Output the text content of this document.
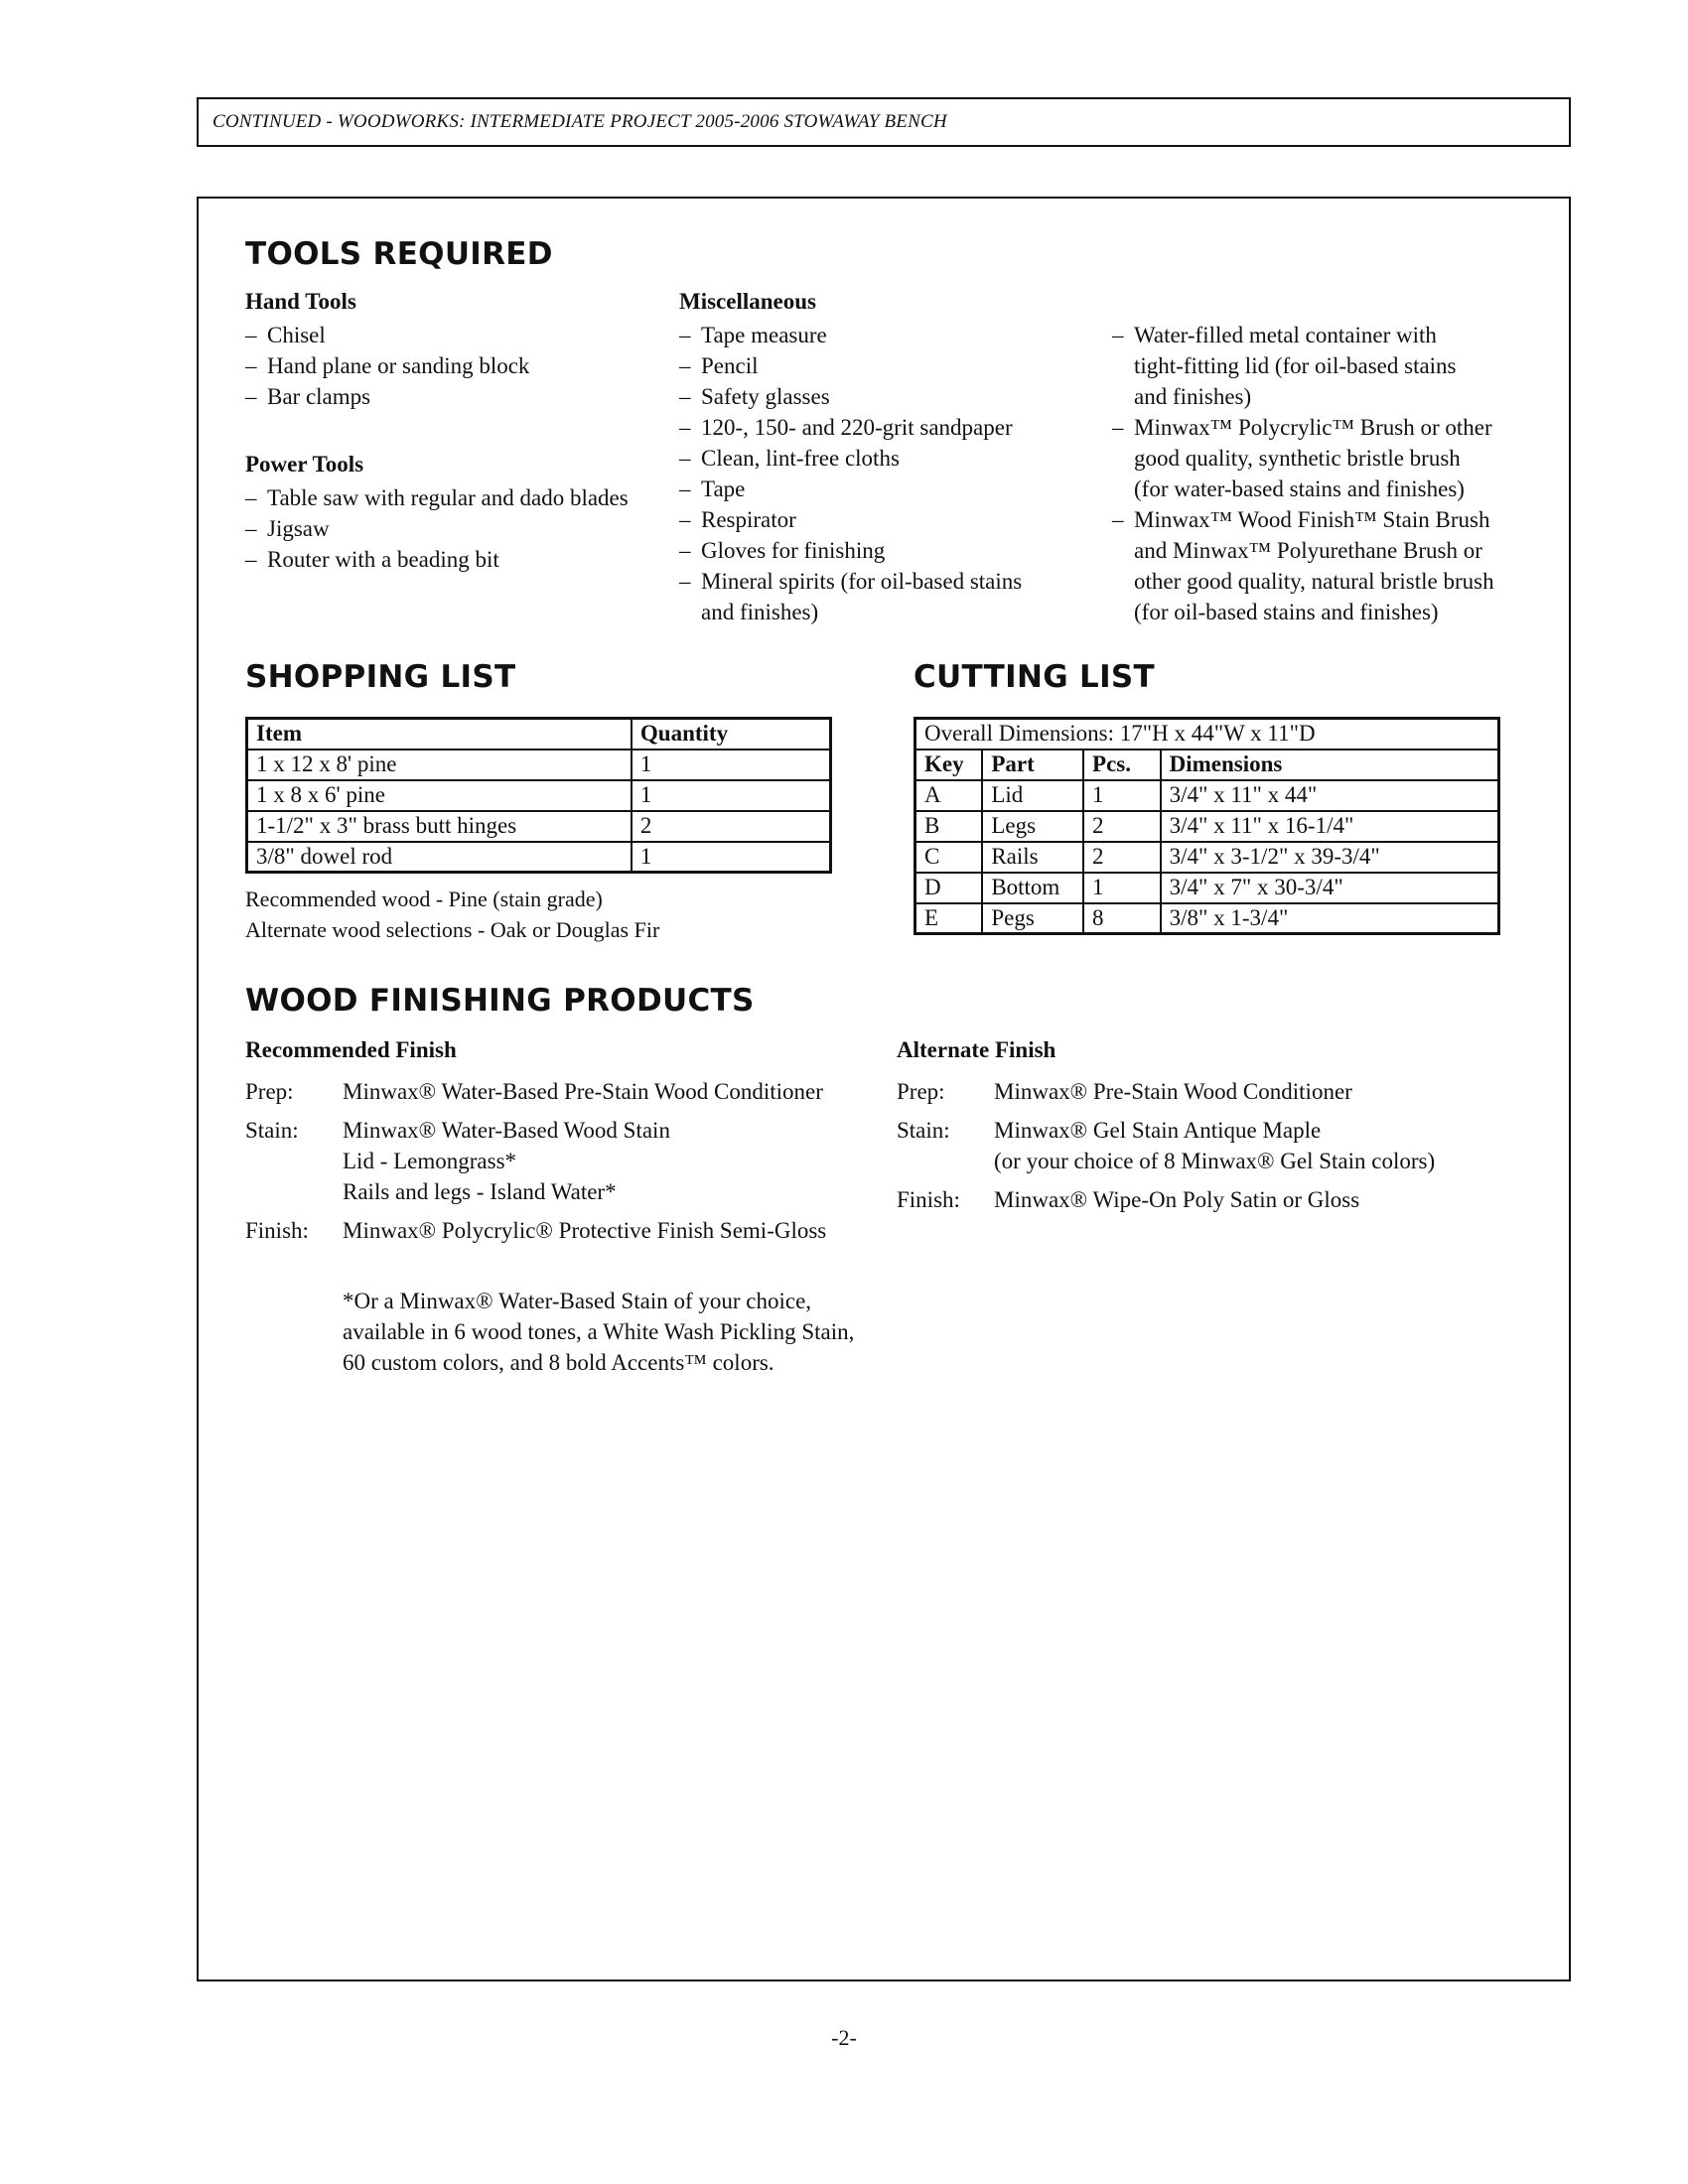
CONTINUED - WOODWORKS: INTERMEDIATE PROJECT 2005-2006 STOWAWAY BENCH
TOOLS REQUIRED
Hand Tools
– Chisel
– Hand plane or sanding block
– Bar clamps
Power Tools
– Table saw with regular and dado blades
– Jigsaw
– Router with a beading bit
Miscellaneous
– Tape measure
– Pencil
– Safety glasses
– 120-, 150- and 220-grit sandpaper
– Clean, lint-free cloths
– Tape
– Respirator
– Gloves for finishing
– Mineral spirits (for oil-based stains
and finishes)
– Water-filled metal container with
tight-fitting lid (for oil-based stains
and finishes)
– Minwax™ Polycrylic™ Brush or other
good quality, synthetic bristle brush
(for water-based stains and finishes)
– Minwax™ Wood Finish™ Stain Brush
and Minwax™ Polyurethane Brush or
other good quality, natural bristle brush
(for oil-based stains and finishes)
SHOPPING LIST
Item	Quantity
1 x 12 x 8' pine	1
1 x 8 x 6' pine	1
1-1/2" x 3" brass butt hinges	2
3/8" dowel rod	1
Recommended wood - Pine (stain grade)
Alternate wood selections - Oak or Douglas Fir
CUTTING LIST
Overall Dimensions: 17"H x 44"W x 11"D			
Key	Part	Pcs.	Dimensions
A	Lid	1	3/4" x 11" x 44"
B	Legs	2	3/4" x 11" x 16-1/4"
C	Rails	2	3/4" x 3-1/2" x 39-3/4"
D	Bottom	1	3/4" x 7" x 30-3/4"
E	Pegs	8	3/8" x 1-3/4"
WOOD FINISHING PRODUCTS
Recommended Finish
Prep: Minwax® Water-Based Pre-Stain Wood Conditioner
Stain: Minwax® Water-Based Wood Stain
Lid - Lemongrass*
Rails and legs - Island Water*
Finish: Minwax® Polycrylic® Protective Finish Semi-Gloss
*Or a Minwax® Water-Based Stain of your choice,
available in 6 wood tones, a White Wash Pickling Stain,
60 custom colors, and 8 bold Accents™ colors.
Alternate Finish
Prep: Minwax® Pre-Stain Wood Conditioner
Stain: Minwax® Gel Stain Antique Maple
(or your choice of 8 Minwax® Gel Stain colors)
Finish: Minwax® Wipe-On Poly Satin or Gloss
-2-
